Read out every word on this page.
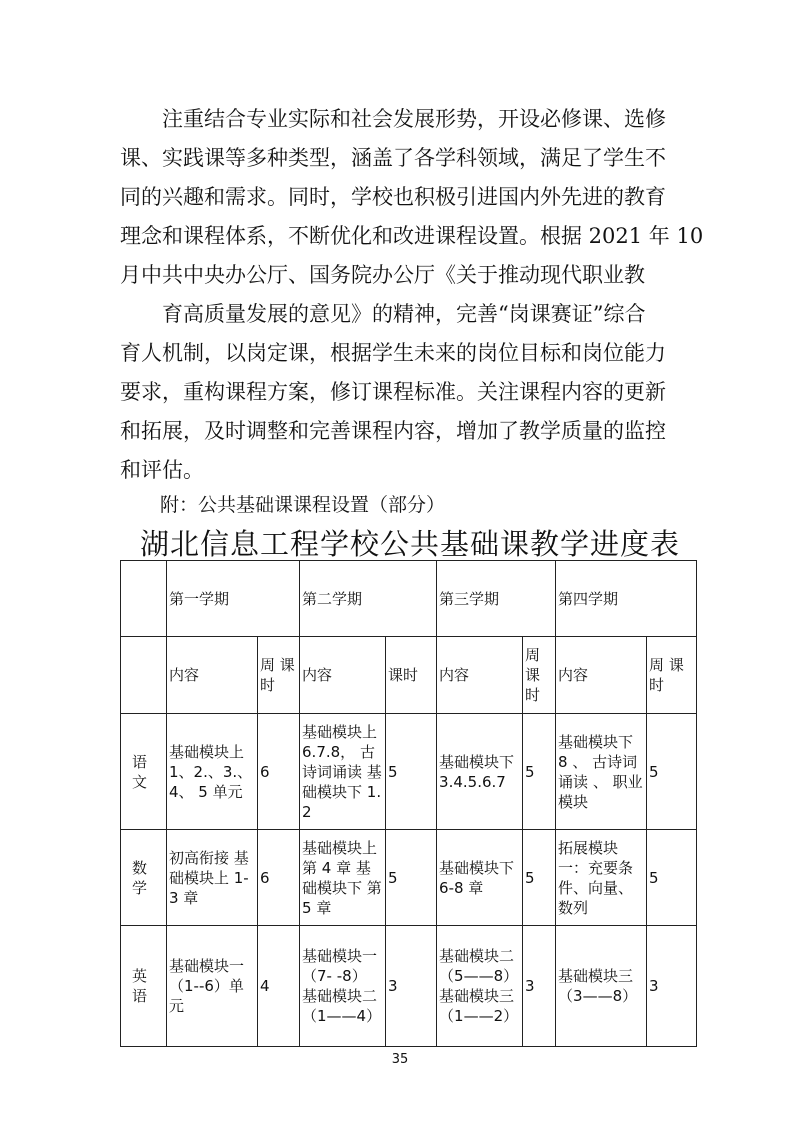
注重结合专业实际和社会发展形势，开设必修课、选修

课、实践课等多种类型，涵盖了各学科领域，满足了学生不

同的兴趣和需求。同时，学校也积极引进国内外先进的教育

理念和课程体系，不断优化和改进课程设置。根据 2021 年 10

月中共中央办公厅、国务院办公厅《关于推动现代职业教

育高质量发展的意见》的精神，完善“岗课赛证”综合

育人机制，以岗定课，根据学生未来的岗位目标和岗位能力

要求，重构课程方案，修订课程标准。关注课程内容的更新

和拓展，及时调整和完善课程内容，增加了教学质量的监控

和评估。

附：公共基础课课程设置（部分）

湖北信息工程学校公共基础课教学进度表
	第一学期		第二学期		第三学期		第四学期	
	内容	周 课时	内容	课时	内容	周课时	内容	周 课时
语文	基础模块上 1、2.、3.、4、 5 单元	6	基础模块上 6.7.8， 古诗词诵读 基础模块下 1.2	5	基础模块下 3.4.5.6.7	5	基础模块下 8 、 古诗词诵读 、 职业模块	5
数学	初高衔接 基础模块上 1-3 章	6	基础模块上 第 4 章 基础模块下 第 5 章	5	基础模块下 6-8 章	5	拓展模块一：充要条件、向量、数列	5
英语	基础模块一（1--6）单元	4	基础模块一（7- -8） 基础模块二（1——4）	3	基础模块二（5——8） 基础模块三（1——2）	3	基础模块三（3——8）	3
35
